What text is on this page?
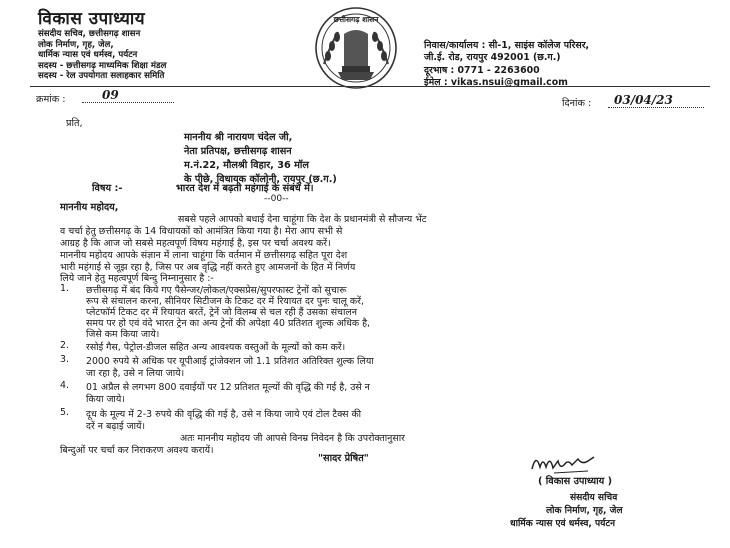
विकास उपाध्याय
संसदीय सचिव, छत्तीसगढ़ शासन
लोक निर्माण, गृह, जेल,
धार्मिक न्यास एवं धर्मस्व, पर्यटन
सदस्य - छत्तीसगढ़ माध्यमिक शिक्षा मंडल
सदस्य - रेल उपयोगता सलाहकार समिति
छत्तीसगढ़ शासन
निवास/कार्यालय : सी-1, साइंस कॉलेज परिसर,
जी.ई. रोड, रायपुर 492001 (छ.ग.)
दूरभाष : 0771 - 2263600
ईमेल : vikas.nsui@gmail.com
क्रमांक :	09
दिनांक :	03/04/23
प्रति,
माननीय श्री नारायण चंदेल जी,
नेता प्रतिपक्ष, छत्तीसगढ़ शासन
म.नं.22, मौलश्री विहार, 36 मॉल
के पीछे, विधायक कॉलोनी, रायपुर (छ.ग.)
विषय :-	भारत देश में बढ़ती महंगाई के संबंध में।
--00--
माननीय महोदय,
सबसे पहले आपको बधाई देना चाहूंगा कि देश के प्रधानमंत्री से सौजन्य भेंट
व चर्चा हेतु छत्तीसगढ़ के 14 विधायकों को आमंत्रित किया गया है। मेरा आप सभी से
आग्रह है कि आज जो सबसे महत्वपूर्ण विषय महंगाई है, इस पर चर्चा अवश्य करें।
माननीय महोदय आपके संज्ञान में लाना चाहूंगा कि वर्तमान में छत्तीसगढ़ सहित पूरा देश
भारी महंगाई से जूझ रहा है, जिस पर अब वृद्धि नहीं करते हुए आमजनों के हित में निर्णय
लिये जाने हेतु महत्वपूर्ण बिन्दु निम्नानुसार है :-
1. छत्तीसगढ़ में बंद किये गए पैसेन्जर/लोकल/एक्सप्रेस/सुपरफास्ट ट्रेनों को सुचारू
रूप से संचालन करना, सीनियर सिटीजन के टिकट दर में रियायत दर पुनः चालू करें,
प्लेटफॉर्म टिकट दर में रियायत बरतें, ट्रेनें जो विलम्ब से चल रही हैं उसका संचालन
समय पर हो एवं वंदे भारत ट्रेन का अन्य ट्रेनों की अपेक्षा 40 प्रतिशत शुल्क अधिक है,
जिसे कम किया जाये।
2. रसोई गैस, पेट्रोल-डीजल सहित अन्य आवश्यक वस्तुओं के मूल्यों को कम करें।
3. 2000 रुपये से अधिक पर यूपीआई ट्रांजेक्शन जो 1.1 प्रतिशत अतिरिक्त शुल्क लिया
जा रहा है, उसे न लिया जाये।
4. 01 अप्रैल से लगभग 800 दवाईयों पर 12 प्रतिशत मूल्यों की वृद्धि की गई है, उसे न
किया जाये।
5. दूध के मूल्य में 2-3 रुपये की वृद्धि की गई है, उसे न किया जाये एवं टोल टैक्स की
दरें न बढ़ाई जायें।
अतः माननीय महोदय जी आपसे विनम्र निवेदन है कि उपरोक्तानुसार
बिन्दुओं पर चर्चा कर निराकरण अवश्य करायें।
"सादर प्रेषित"
( विकास उपाध्याय )
संसदीय सचिव
लोक निर्माण, गृह, जेल
धार्मिक न्यास एवं धर्मस्व, पर्यटन
